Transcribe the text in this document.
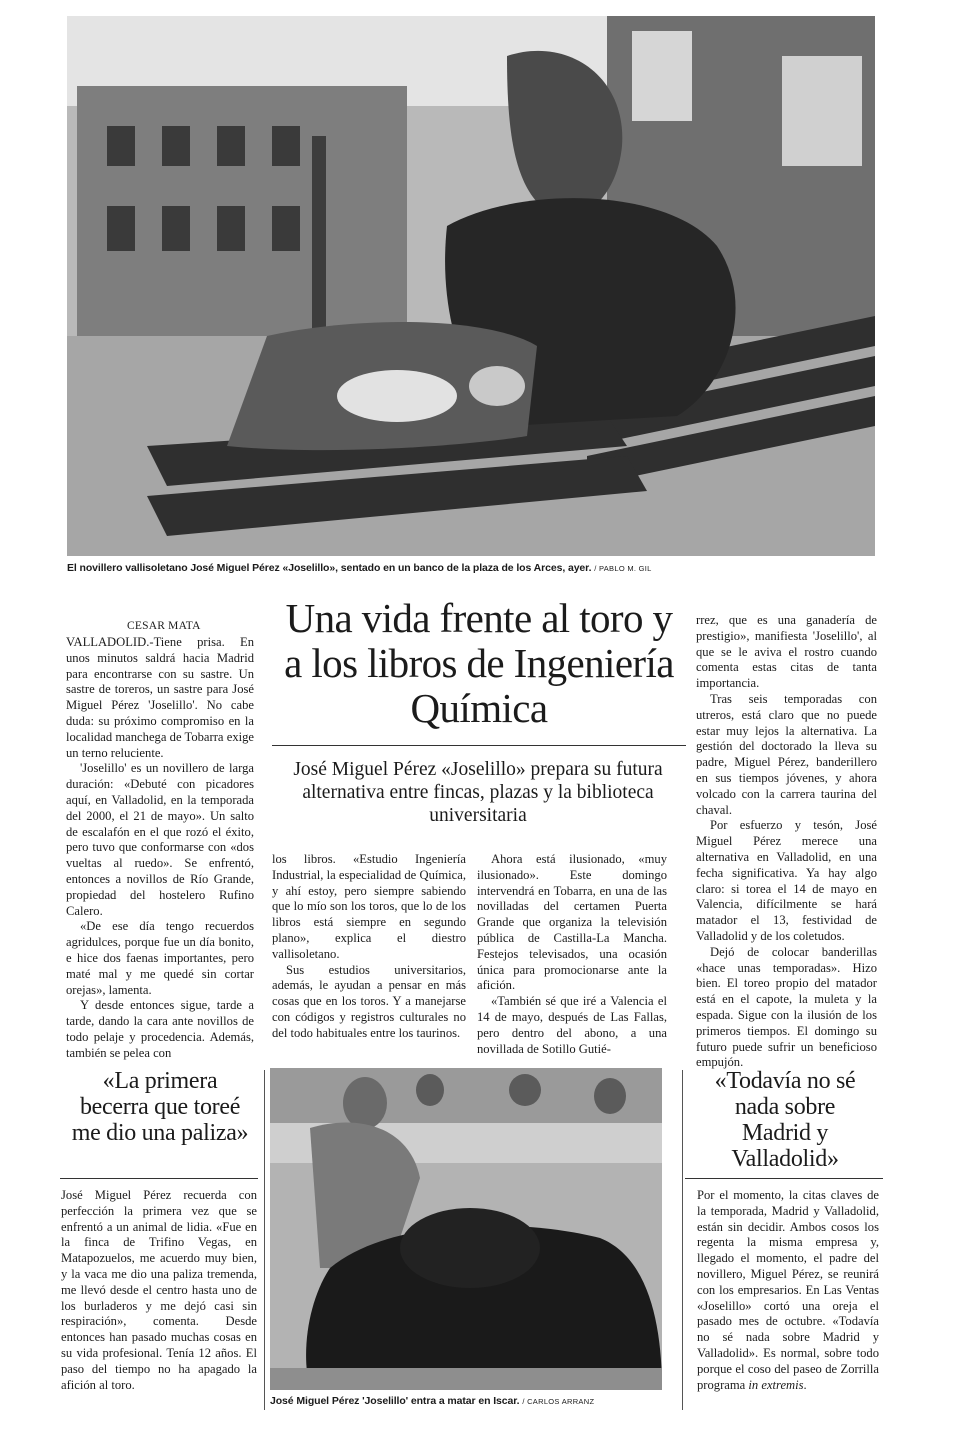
El novillero vallisoletano José Miguel Pérez «Joselillo», sentado en un banco de la plaza de los Arces, ayer. / PABLO M. GIL
CESAR MATA

VALLADOLID.-Tiene prisa. En unos minutos saldrá hacia Madrid para encontrarse con su sastre. Un sastre de toreros, un sastre para José Miguel Pérez 'Joselillo'. No cabe duda: su próximo compromiso en la localidad manchega de Tobarra exige un terno reluciente.

'Joselillo' es un novillero de larga duración: «Debuté con picadores aquí, en Valladolid, en la temporada del 2000, el 21 de mayo». Un salto de escalafón en el que rozó el éxito, pero tuvo que conformarse con «dos vueltas al ruedo». Se enfrentó, entonces a novillos de Río Grande, propiedad del hostelero Rufino Calero.

«De ese día tengo recuerdos agridulces, porque fue un día bonito, e hice dos faenas importantes, pero maté mal y me quedé sin cortar orejas», lamenta.

Y desde entonces sigue, tarde a tarde, dando la cara ante novillos de todo pelaje y procedencia. Además, también se pelea con

Una vida frente al toro y a los libros de Ingeniería Química
José Miguel Pérez «Joselillo» prepara su futura alternativa entre fincas, plazas y la biblioteca universitaria

los libros. «Estudio Ingeniería Industrial, la especialidad de Química, y ahí estoy, pero siempre sabiendo que lo mío son los toros, que lo de los libros está siempre en segundo plano», explica el diestro vallisoletano.

Sus estudios universitarios, además, le ayudan a pensar en más cosas que en los toros. Y a manejarse con códigos y registros culturales no del todo habituales entre los taurinos.

Ahora está ilusionado, «muy ilusionado». Este domingo intervendrá en Tobarra, en una de las novilladas del certamen Puerta Grande que organiza la televisión pública de Castilla-La Mancha. Festejos televisados, una ocasión única para promocionarse ante la afición.

«También sé que iré a Valencia el 14 de mayo, después de Las Fallas, pero dentro del abono, a una novillada de Sotillo Gutié-

rrez, que es una ganadería de prestigio», manifiesta 'Joselillo', al que se le aviva el rostro cuando comenta estas citas de tanta importancia.

Tras seis temporadas con utreros, está claro que no puede estar muy lejos la alternativa. La gestión del doctorado la lleva su padre, Miguel Pérez, banderillero en sus tiempos jóvenes, y ahora volcado con la carrera taurina del chaval.

Por esfuerzo y tesón, José Miguel Pérez merece una alternativa en Valladolid, en una fecha significativa. Ya hay algo claro: si torea el 14 de mayo en Valencia, difícilmente se hará matador el 13, festividad de Valladolid y de los coletudos.

Dejó de colocar banderillas «hace unas temporadas». Hizo bien. El toreo propio del matador está en el capote, la muleta y la espada. Sigue con la ilusión de los primeros tiempos. El domingo su futuro puede sufrir un beneficioso empujón.

«La primera becerra que toreé me dio una paliza»

José Miguel Pérez recuerda con perfección la primera vez que se enfrentó a un animal de lidia. «Fue en la finca de Trifino Vegas, en Matapozuelos, me acuerdo muy bien, y la vaca me dio una paliza tremenda, me llevó desde el centro hasta uno de los burladeros y me dejó casi sin respiración», comenta. Desde entonces han pasado muchas cosas en su vida profesional. Tenía 12 años. El paso del tiempo no ha apagado la afición al toro.

José Miguel Pérez 'Joselillo' entra a matar en Iscar. / CARLOS ARRANZ
«Todavía no sé nada sobre Madrid y Valladolid»

Por el momento, la citas claves de la temporada, Madrid y Valladolid, están sin decidir. Ambos cosos los regenta la misma empresa y, llegado el momento, el padre del novillero, Miguel Pérez, se reunirá con los empresarios. En Las Ventas «Joselillo» cortó una oreja el pasado mes de octubre. «Todavía no sé nada sobre Madrid y Valladolid». Es normal, sobre todo porque el coso del paseo de Zorrilla programa in extremis.
